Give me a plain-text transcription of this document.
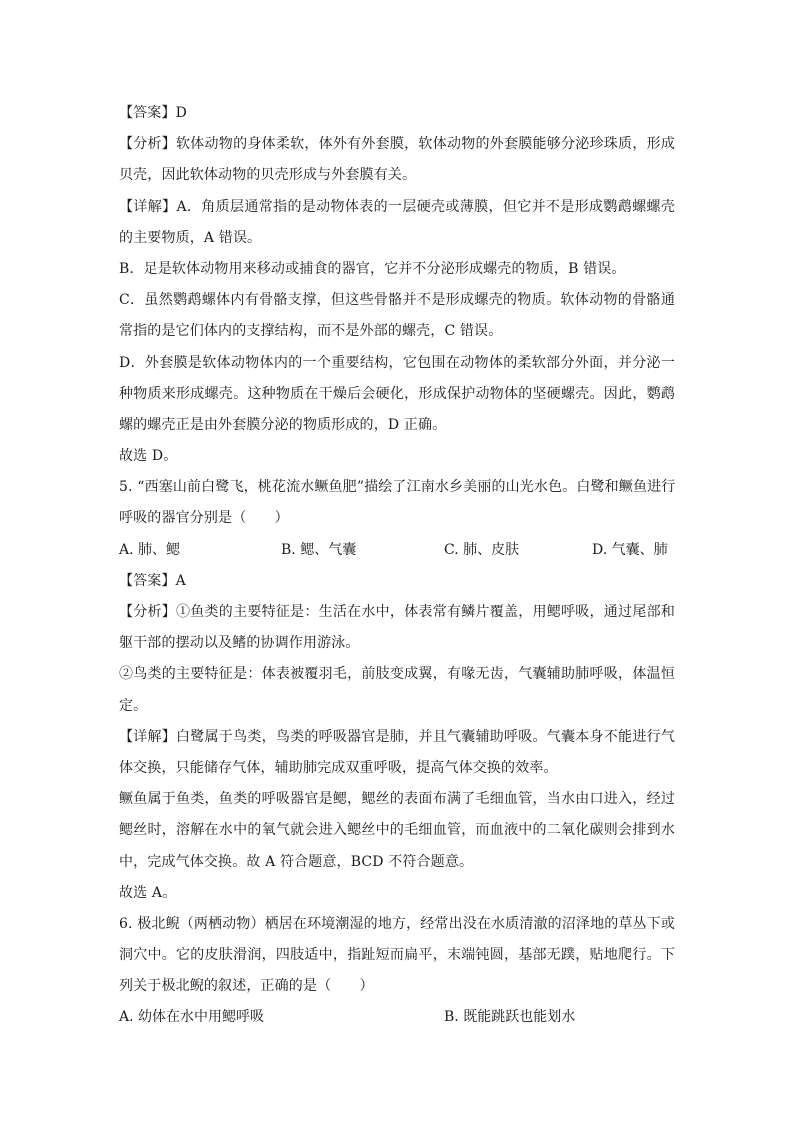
【答案】D
【分析】软体动物的身体柔软，体外有外套膜，软体动物的外套膜能够分泌珍珠质，形成
贝壳，因此软体动物的贝壳形成与外套膜有关。
【详解】A．角质层通常指的是动物体表的一层硬壳或薄膜，但它并不是形成鹦鹉螺螺壳
的主要物质，A 错误。
B．足是软体动物用来移动或捕食的器官，它并不分泌形成螺壳的物质，B 错误。
C．虽然鹦鹉螺体内有骨骼支撑，但这些骨骼并不是形成螺壳的物质。软体动物的骨骼通
常指的是它们体内的支撑结构，而不是外部的螺壳，C 错误。
D．外套膜是软体动物体内的一个重要结构，它包围在动物体的柔软部分外面，并分泌一
种物质来形成螺壳。这种物质在干燥后会硬化，形成保护动物体的坚硬螺壳。因此，鹦鹉
螺的螺壳正是由外套膜分泌的物质形成的，D 正确。
故选 D。
5. “西塞山前白鹭飞，桃花流水鳜鱼肥”描绘了江南水乡美丽的山光水色。白鹭和鳜鱼进行
呼吸的器官分别是（　　）
A. 肺、鳃	B. 鳃、气囊	C. 肺、皮肤	D. 气囊、肺
【答案】A
【分析】①鱼类的主要特征是：生活在水中，体表常有鳞片覆盖，用鳃呼吸，通过尾部和
躯干部的摆动以及鳍的协调作用游泳。
②鸟类的主要特征是：体表被覆羽毛，前肢变成翼，有喙无齿，气囊辅助肺呼吸，体温恒
定。
【详解】白鹭属于鸟类，鸟类的呼吸器官是肺，并且气囊辅助呼吸。气囊本身不能进行气
体交换，只能储存气体，辅助肺完成双重呼吸，提高气体交换的效率。
鳜鱼属于鱼类，鱼类的呼吸器官是鳃，鳃丝的表面布满了毛细血管，当水由口进入，经过
鳃丝时，溶解在水中的氧气就会进入鳃丝中的毛细血管，而血液中的二氧化碳则会排到水
中，完成气体交换。故 A 符合题意，BCD 不符合题意。
故选 A。
6. 极北鲵（两栖动物）栖居在环境潮湿的地方，经常出没在水质清澈的沼泽地的草丛下或
洞穴中。它的皮肤滑润，四肢适中，指趾短而扁平，末端钝圆，基部无蹼，贴地爬行。下
列关于极北鲵的叙述，正确的是（　　）
A. 幼体在水中用鳃呼吸	B. 既能跳跃也能划水
